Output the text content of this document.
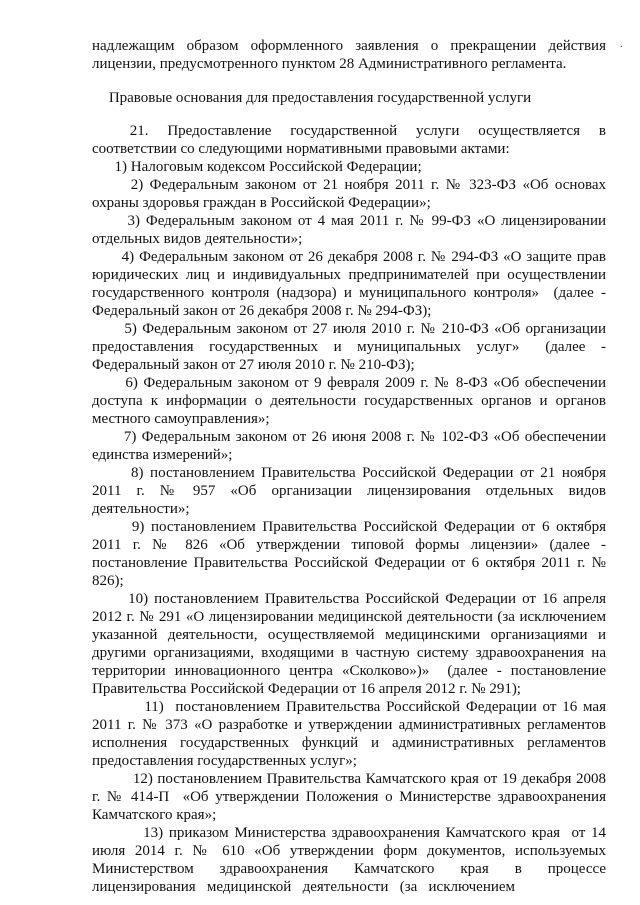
.
надлежащим образом оформленного заявления о прекращении действия
лицензии, предусмотренного пунктом 28 Административного регламента.
Правовые основания для предоставления государственной услуги
21.   Предоставление   государственной   услуги   осуществляется   в
соответствии со следующими нормативными правовыми актами:
1) Налоговым кодексом Российской Федерации;
2) Федеральным законом от 21 ноября 2011 г. № 323-ФЗ «Об основах
охраны здоровья граждан в Российской Федерации»;
3) Федеральным законом от 4 мая 2011 г. № 99-ФЗ «О лицензировании
отдельных видов деятельности»;
4) Федеральным законом от 26 декабря 2008 г. № 294-ФЗ «О защите прав
юридических лиц и индивидуальных предпринимателей при осуществлении
государственного контроля (надзора) и муниципального контроля»  (далее -
Федеральный закон от 26 декабря 2008 г. № 294-ФЗ);
5) Федеральным законом от 27 июля 2010 г. № 210-ФЗ «Об организации
предоставления   государственных   и   муниципальных   услуг»     (далее   -
Федеральный закон от 27 июля 2010 г. № 210-ФЗ);
6) Федеральным законом от 9 февраля 2009 г. № 8-ФЗ «Об обеспечении
доступа к информации о деятельности государственных органов и органов
местного самоуправления»;
7) Федеральным законом от 26 июня 2008 г. № 102-ФЗ «Об обеспечении
единства измерений»;
8) постановлением Правительства Российской Федерации от 21 ноября
2011  г.  №  957  «Об  организации  лицензирования  отдельных  видов
деятельности»;
9) постановлением Правительства Российской Федерации от 6 октября
2011 г. № 826 «Об утверждении типовой формы лицензии» (далее -
постановление Правительства Российской Федерации от 6 октября 2011 г. №
826);
10) постановлением Правительства Российской Федерации от 16 апреля
2012 г. № 291 «О лицензировании медицинской деятельности (за исключением
указанной деятельности, осуществляемой медицинскими организациями и
другими организациями, входящими в частную систему здравоохранения на
территории инновационного центра «Сколково»)»  (далее - постановление
Правительства Российской Федерации от 16 апреля 2012 г. № 291);
11)  постановлением Правительства Российской Федерации от 16 мая
2011 г. № 373 «О разработке и утверждении административных регламентов
исполнения государственных функций и административных регламентов
предоставления государственных услуг»;
12) постановлением Правительства Камчатского края от 19 декабря 2008
г. № 414-П  «Об утверждении Положения о Министерстве здравоохранения
Камчатского края»;
13) приказом Министерства здравоохранения Камчатского края  от 14
июля 2014 г. № 610 «Об утверждении форм документов, используемых
Министерством   здравоохранения   Камчатского   края   в   процессе
лицензирования   медицинской   деятельности   (за   исключением
